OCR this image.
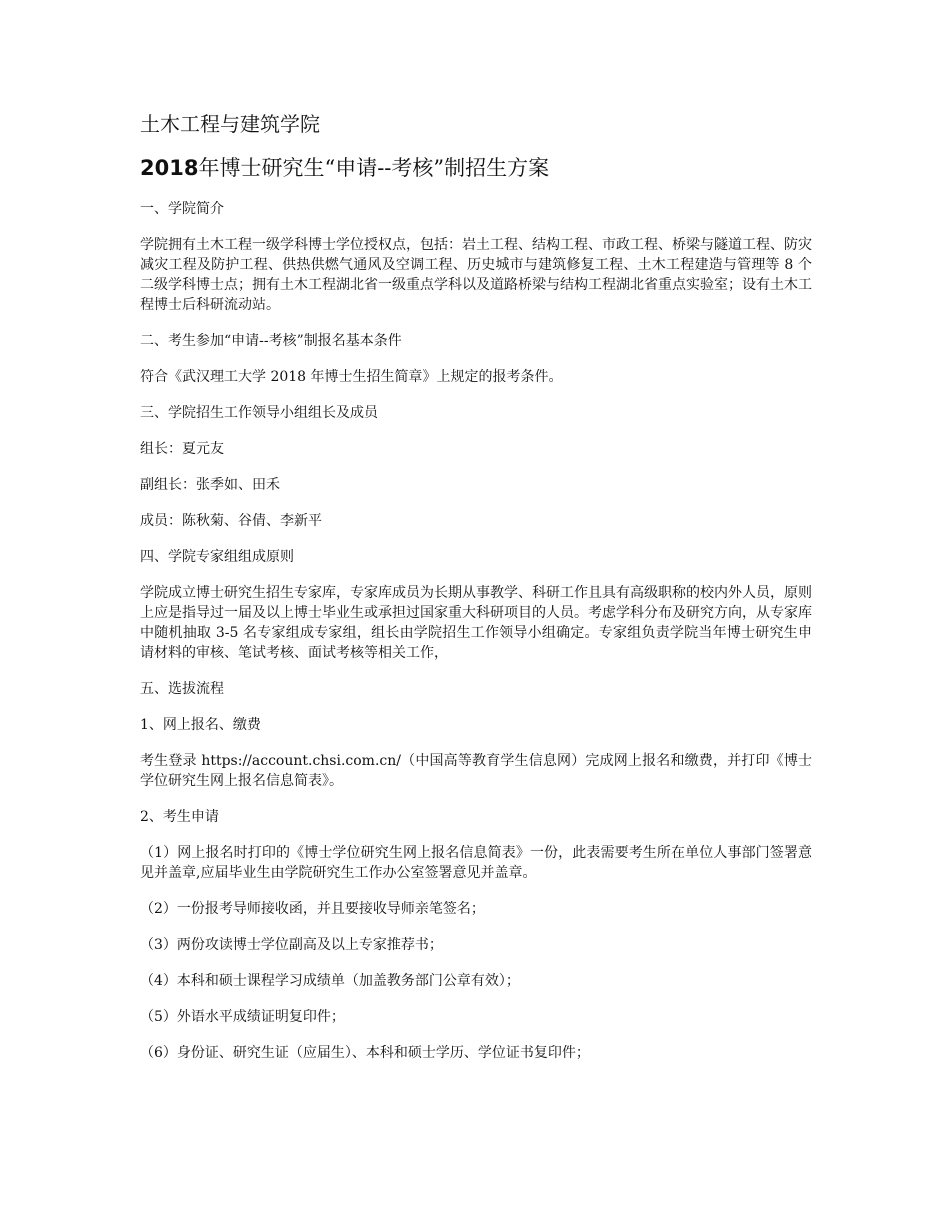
土木工程与建筑学院
2018年博士研究生“申请--考核”制招生方案
一、学院简介
学院拥有土木工程一级学科博士学位授权点，包括：岩土工程、结构工程、市政工程、桥梁与隧道工程、防灾减灾工程及防护工程、供热供燃气通风及空调工程、历史城市与建筑修复工程、土木工程建造与管理等 8 个二级学科博士点；拥有土木工程湖北省一级重点学科以及道路桥梁与结构工程湖北省重点实验室；设有土木工程博士后科研流动站。
二、考生参加“申请--考核”制报名基本条件
符合《武汉理工大学 2018 年博士生招生简章》上规定的报考条件。
三、学院招生工作领导小组组长及成员
组长：夏元友
副组长：张季如、田禾
成员：陈秋菊、谷倩、李新平
四、学院专家组组成原则
学院成立博士研究生招生专家库，专家库成员为长期从事教学、科研工作且具有高级职称的校内外人员，原则上应是指导过一届及以上博士毕业生或承担过国家重大科研项目的人员。考虑学科分布及研究方向，从专家库中随机抽取 3-5 名专家组成专家组，组长由学院招生工作领导小组确定。专家组负责学院当年博士研究生申请材料的审核、笔试考核、面试考核等相关工作，
五、选拔流程
1、网上报名、缴费
考生登录 https://account.chsi.com.cn/（中国高等教育学生信息网）完成网上报名和缴费，并打印《博士学位研究生网上报名信息简表》。
2、考生申请
（1）网上报名时打印的《博士学位研究生网上报名信息简表》一份，此表需要考生所在单位人事部门签署意见并盖章,应届毕业生由学院研究生工作办公室签署意见并盖章。
（2）一份报考导师接收函，并且要接收导师亲笔签名；
（3）两份攻读博士学位副高及以上专家推荐书；
（4）本科和硕士课程学习成绩单（加盖教务部门公章有效）；
（5）外语水平成绩证明复印件；
（6）身份证、研究生证（应届生）、本科和硕士学历、学位证书复印件；
